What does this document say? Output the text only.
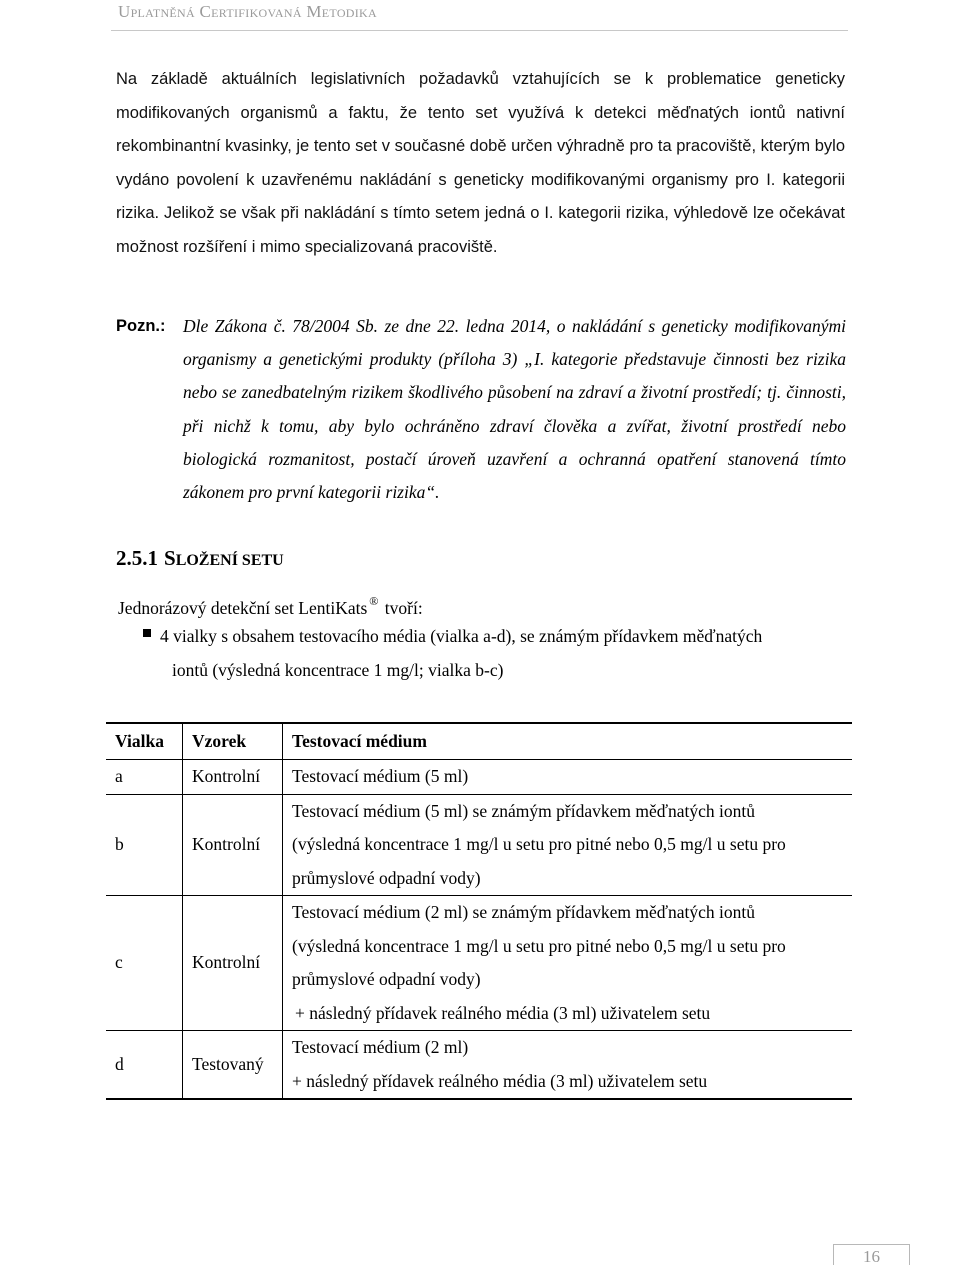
Uplatněná Certifikovaná Metodika
Na základě aktuálních legislativních požadavků vztahujících se k problematice geneticky modifikovaných organismů a faktu, že tento set využívá k detekci měďnatých iontů nativní rekombinantní kvasinky, je tento set v současné době určen výhradně pro ta pracoviště, kterým bylo vydáno povolení k uzavřenému nakládání s geneticky modifikovanými organismy pro I. kategorii rizika. Jelikož se však při nakládání s tímto setem jedná o I. kategorii rizika, výhledově lze očekávat možnost rozšíření i mimo specializovaná pracoviště.
Pozn.: Dle Zákona č. 78/2004 Sb. ze dne 22. ledna 2014, o nakládání s geneticky modifikovanými organismy a genetickými produkty (příloha 3) „I. kategorie představuje činnosti bez rizika nebo se zanedbatelným rizikem škodlivého působení na zdraví a životní prostředí; tj. činnosti, při nichž k tomu, aby bylo ochráněno zdraví člověka a zvířat, životní prostředí nebo biologická rozmanitost, postačí úroveň uzavření a ochranná opatření stanovená tímto zákonem pro první kategorii rizika“.
2.5.1 SLOŽENÍ SETU
Jednorázový detekční set LentiKats ® tvoří:
4 vialky s obsahem testovacího média (vialka a-d), se známým přídavkem měďnatých
iontů (výsledná koncentrace 1 mg/l; vialka b-c)
Vialka	Vzorek	Testovací médium
a	Kontrolní	Testovací médium (5 ml)

b	Kontrolní	Testovací médium (5 ml) se známým přídavkem měďnatých iontů
(výsledná koncentrace 1 mg/l u setu pro pitné nebo 0,5 mg/l u setu pro
průmyslové odpadní vody)

c	Kontrolní	Testovací médium (2 ml) se známým přídavkem měďnatých iontů
(výsledná koncentrace 1 mg/l u setu pro pitné nebo 0,5 mg/l u setu pro
průmyslové odpadní vody)
+ následný přídavek reálného média (3 ml) uživatelem setu
d	Testovaný	Testovací médium (2 ml)
+ následný přídavek reálného média (3 ml) uživatelem setu
16
